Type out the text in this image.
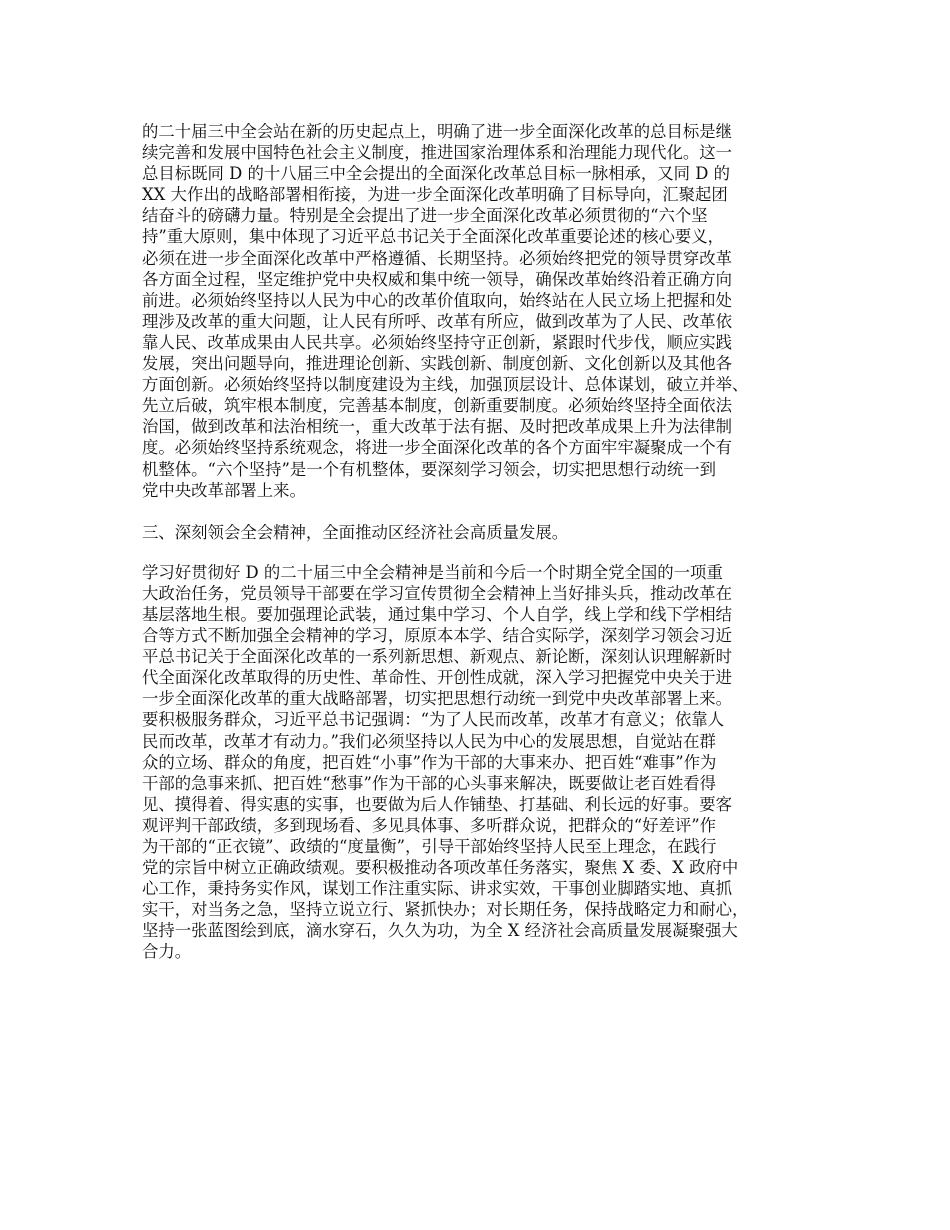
的二十届三中全会站在新的历史起点上，明确了进一步全面深化改革的总目标是继
续完善和发展中国特色社会主义制度，推进国家治理体系和治理能力现代化。这一
总目标既同 D 的十八届三中全会提出的全面深化改革总目标一脉相承，又同 D 的
XX 大作出的战略部署相衔接，为进一步全面深化改革明确了目标导向，汇聚起团
结奋斗的磅礴力量。特别是全会提出了进一步全面深化改革必须贯彻的“六个坚
持”重大原则，集中体现了习近平总书记关于全面深化改革重要论述的核心要义，
必须在进一步全面深化改革中严格遵循、长期坚持。必须始终把党的领导贯穿改革
各方面全过程，坚定维护党中央权威和集中统一领导，确保改革始终沿着正确方向
前进。必须始终坚持以人民为中心的改革价值取向，始终站在人民立场上把握和处
理涉及改革的重大问题，让人民有所呼、改革有所应，做到改革为了人民、改革依
靠人民、改革成果由人民共享。必须始终坚持守正创新，紧跟时代步伐，顺应实践
发展，突出问题导向，推进理论创新、实践创新、制度创新、文化创新以及其他各
方面创新。必须始终坚持以制度建设为主线，加强顶层设计、总体谋划，破立并举、
先立后破，筑牢根本制度，完善基本制度，创新重要制度。必须始终坚持全面依法
治国，做到改革和法治相统一，重大改革于法有据、及时把改革成果上升为法律制
度。必须始终坚持系统观念，将进一步全面深化改革的各个方面牢牢凝聚成一个有
机整体。“六个坚持”是一个有机整体，要深刻学习领会，切实把思想行动统一到
党中央改革部署上来。
三、深刻领会全会精神，全面推动区经济社会高质量发展。
学习好贯彻好 D 的二十届三中全会精神是当前和今后一个时期全党全国的一项重
大政治任务，党员领导干部要在学习宣传贯彻全会精神上当好排头兵，推动改革在
基层落地生根。要加强理论武装，通过集中学习、个人自学，线上学和线下学相结
合等方式不断加强全会精神的学习，原原本本学、结合实际学，深刻学习领会习近
平总书记关于全面深化改革的一系列新思想、新观点、新论断，深刻认识理解新时
代全面深化改革取得的历史性、革命性、开创性成就，深入学习把握党中央关于进
一步全面深化改革的重大战略部署，切实把思想行动统一到党中央改革部署上来。
要积极服务群众，习近平总书记强调：“为了人民而改革，改革才有意义；依靠人
民而改革，改革才有动力。”我们必须坚持以人民为中心的发展思想，自觉站在群
众的立场、群众的角度，把百姓“小事”作为干部的大事来办、把百姓“难事”作为
干部的急事来抓、把百姓“愁事”作为干部的心头事来解决，既要做让老百姓看得
见、摸得着、得实惠的实事，也要做为后人作铺垫、打基础、利长远的好事。要客
观评判干部政绩，多到现场看、多见具体事、多听群众说，把群众的“好差评”作
为干部的“正衣镜”、政绩的“度量衡”，引导干部始终坚持人民至上理念，在践行
党的宗旨中树立正确政绩观。要积极推动各项改革任务落实，聚焦 X 委、X 政府中
心工作，秉持务实作风，谋划工作注重实际、讲求实效，干事创业脚踏实地、真抓
实干，对当务之急，坚持立说立行、紧抓快办；对长期任务，保持战略定力和耐心，
坚持一张蓝图绘到底，滴水穿石，久久为功，为全 X 经济社会高质量发展凝聚强大
合力。
